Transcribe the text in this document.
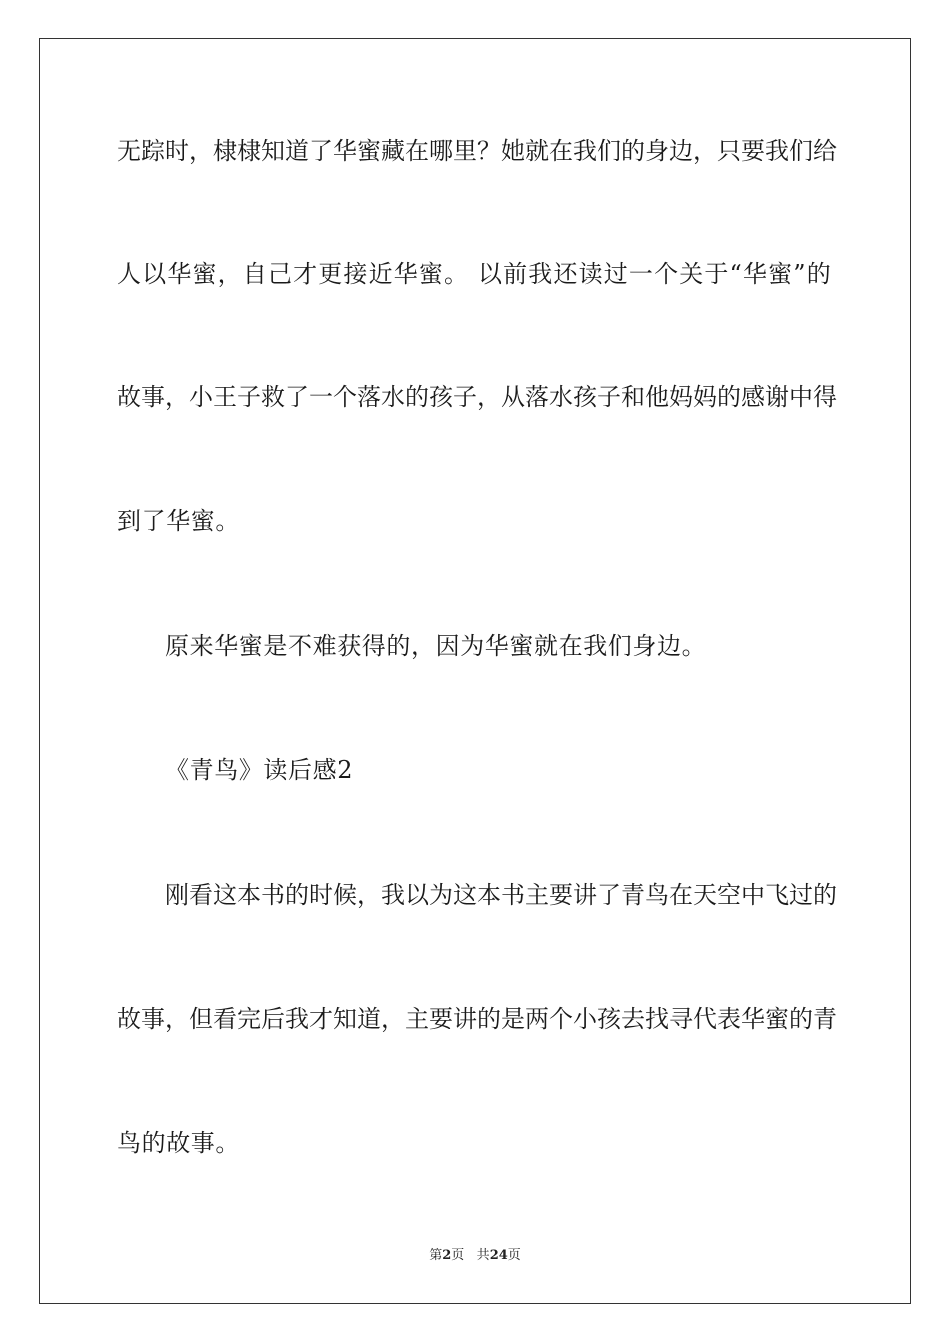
无 踪 时 ， 棣 棣 知 道 了 华 蜜 藏 在 哪 里 ？ 她 就 在 我 们 的 身 边 ， 只 要 我 们 给
人 以 华 蜜 ， 自 己 才 更 接 近 华 蜜 。
以 前 我 还 读 过 一 个 关 于 “ 华 蜜 ” 的
故 事 ， 小 王 子 救 了 一 个 落 水 的 孩 子 ， 从 落 水 孩 子 和 他 妈 妈 的 感 谢 中 得
到了华蜜。
原来华蜜是不难获得的，因为华蜜就在我们身边。
《青鸟》读后感2
刚 看 这 本 书 的 时 候 ， 我 以 为 这 本 书 主 要 讲 了 青 鸟 在 天 空 中 飞 过 的
故 事 ， 但 看 完 后 我 才 知 道 ， 主 要 讲 的 是 两 个 小 孩 去 找 寻 代 表 华 蜜 的 青
鸟的故事。
第2页 共24页
